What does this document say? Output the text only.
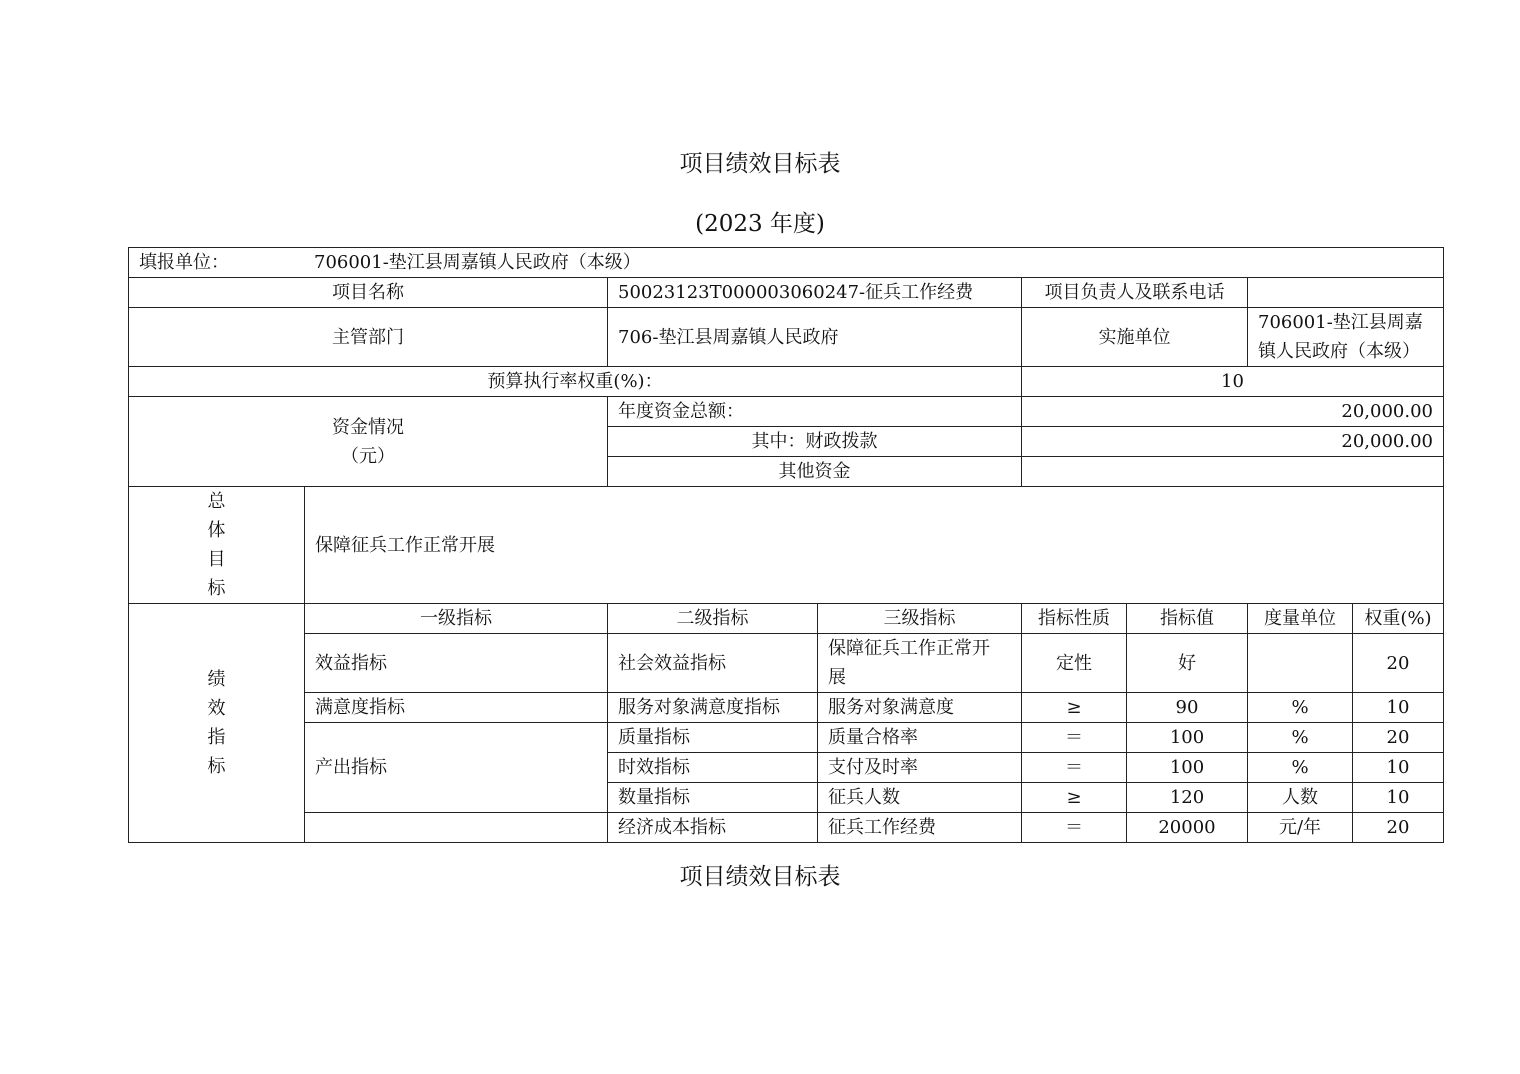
项目绩效目标表
(2023 年度)
填报单位： 706001-垫江县周嘉镇人民政府（本级）							
项目名称		50023123T000003060247-征兵工作经费		项目负责人及联系电话			
主管部门		706-垫江县周嘉镇人民政府		实施单位		706001-垫江县周嘉
镇人民政府（本级）	

预算执行率权重(%)：				10			

资金情况
（元）		年度资金总额：		20,000.00			
		其中：财政拨款		20,000.00			
		其他资金					

总
体
目
标	保障征兵工作正常开展						

绩
效
指
标	一级指标	二级指标	三级指标	指标性质	指标值	度量单位	权重(%)
	效益指标	社会效益指标	保障征兵工作正常开
展	定性	好		20
	满意度指标	服务对象满意度指标	服务对象满意度	≥	90	%	10
	产出指标	质量指标	质量合格率	＝	100	%	20
		时效指标	支付及时率	＝	100	%	10
		数量指标	征兵人数	≥	120	人数	10
		经济成本指标	征兵工作经费	＝	20000	元/年	20
项目绩效目标表
